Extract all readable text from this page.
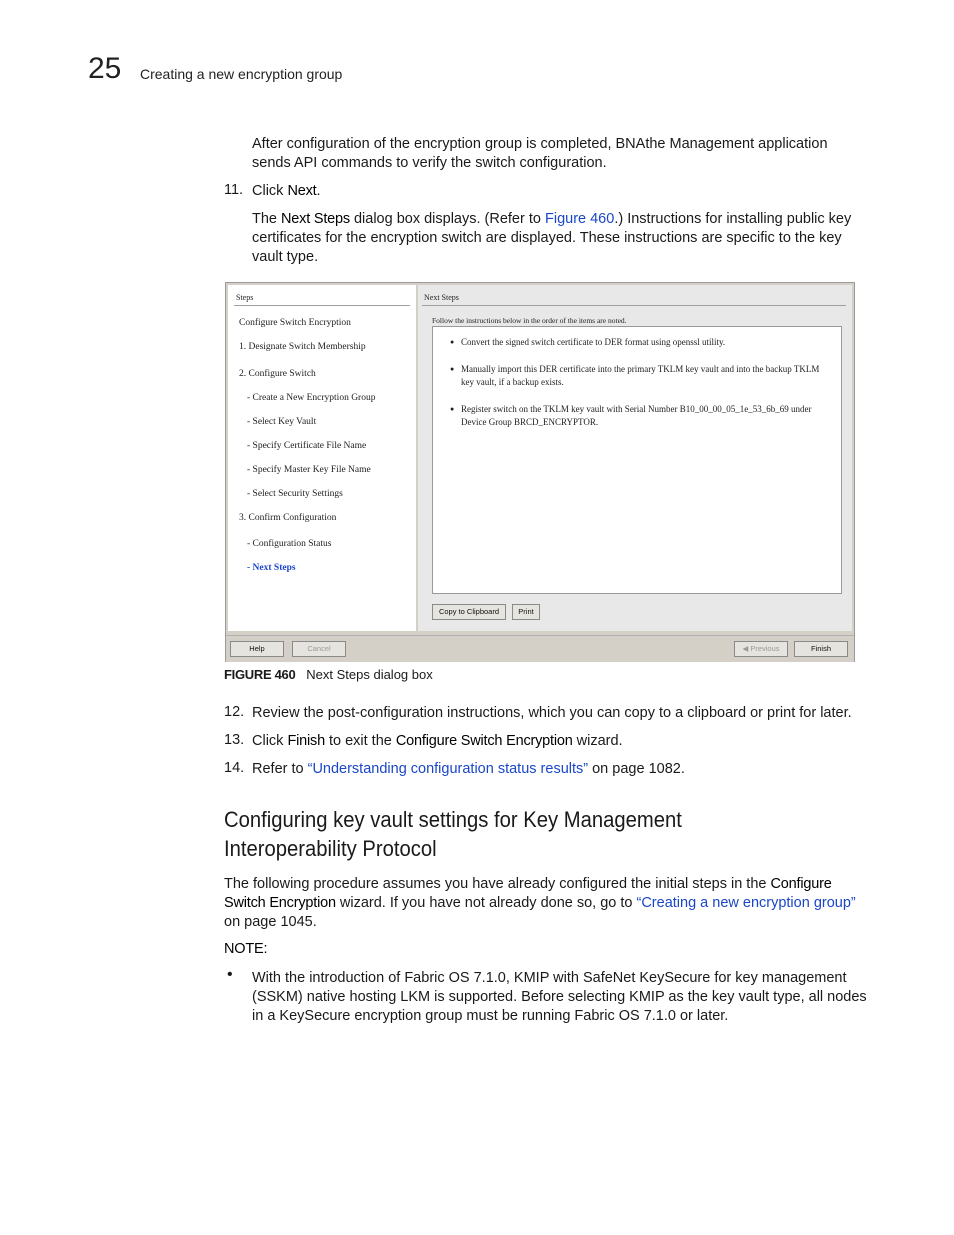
25 Creating a new encryption group
After configuration of the encryption group is completed, BNAthe Management application sends API commands to verify the switch configuration.
11. Click Next.
The Next Steps dialog box displays. (Refer to Figure 460.) Instructions for installing public key certificates for the encryption switch are displayed. These instructions are specific to the key vault type.
Steps
Configure Switch Encryption
1. Designate Switch Membership
2. Configure Switch
- Create a New Encryption Group
- Select Key Vault
- Specify Certificate File Name
- Specify Master Key File Name
- Select Security Settings
3. Confirm Configuration
- Configuration Status
- Next Steps
Next Steps
Follow the instructions below in the order of the items are noted.
● Convert the signed switch certificate to DER format using openssl utility.
● Manually import this DER certificate into the primary TKLM key vault and into the backup TKLM key vault, if a backup exists.
● Register switch on the TKLM key vault with Serial Number B10_00_00_05_1e_53_6b_69 under Device Group BRCD_ENCRYPTOR.
Copy to Clipboard	Print
Help	Cancel	◀ Previous	Finish
FIGURE 460 Next Steps dialog box
12. Review the post-configuration instructions, which you can copy to a clipboard or print for later.
13. Click Finish to exit the Configure Switch Encryption wizard.
14. Refer to “Understanding configuration status results” on page 1082.
Configuring key vault settings for Key Management Interoperability Protocol
The following procedure assumes you have already configured the initial steps in the Configure Switch Encryption wizard. If you have not already done so, go to “Creating a new encryption group” on page 1045.
NOTE:
• With the introduction of Fabric OS 7.1.0, KMIP with SafeNet KeySecure for key management (SSKM) native hosting LKM is supported. Before selecting KMIP as the key vault type, all nodes in a KeySecure encryption group must be running Fabric OS 7.1.0 or later.
